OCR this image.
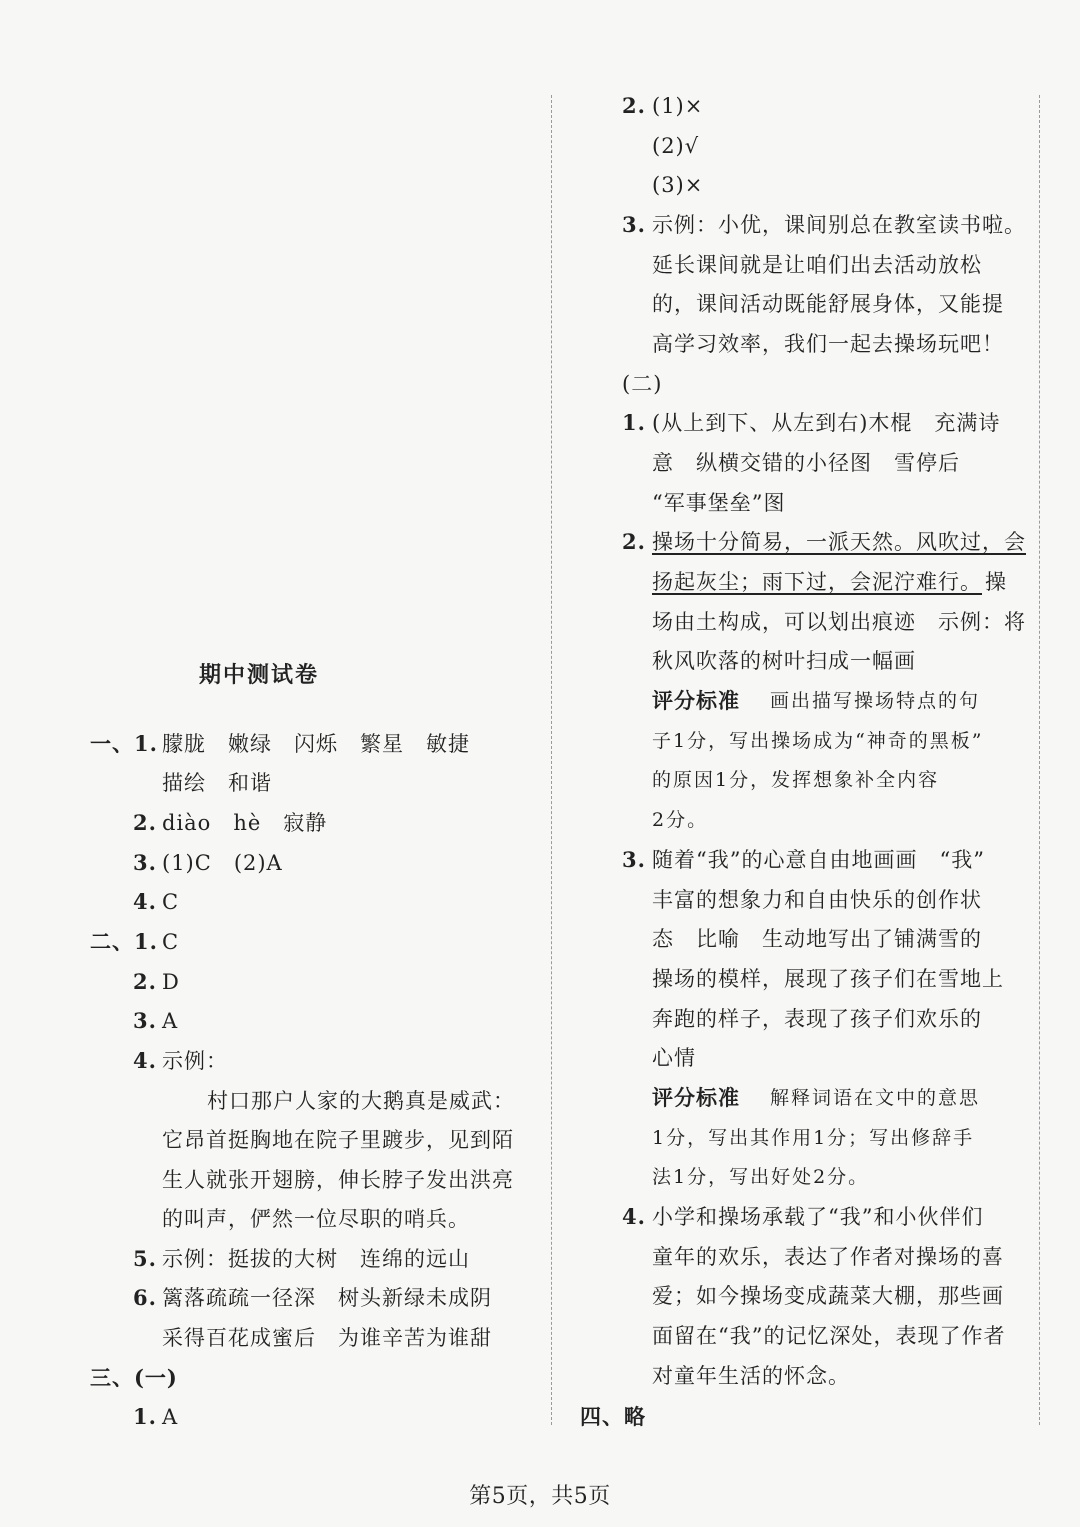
期中测试卷
一、1. 朦胧　嫩绿　闪烁　繁星　敏捷
描绘　和谐
2. diào　hè　寂静
3. (1)C　(2)A
4. C
二、1. C
2. D
3. A
4. 示例：
村口那户人家的大鹅真是威武：
它昂首挺胸地在院子里踱步，见到陌
生人就张开翅膀，伸长脖子发出洪亮
的叫声，俨然一位尽职的哨兵。
5. 示例：挺拔的大树　连绵的远山
6. 篱落疏疏一径深　树头新绿未成阴
采得百花成蜜后　为谁辛苦为谁甜
三、(一)
1. A
2. (1)×
(2)√
(3)×
3. 示例：小优，课间别总在教室读书啦。
延长课间就是让咱们出去活动放松
的，课间活动既能舒展身体，又能提
高学习效率，我们一起去操场玩吧！
(二)
1. (从上到下、从左到右)木棍　充满诗
意　纵横交错的小径图　雪停后
“军事堡垒”图
2. 操场十分简易，一派天然。风吹过，会
扬起灰尘；雨下过，会泥泞难行。 操
场由土构成，可以划出痕迹　示例：将
秋风吹落的树叶扫成一幅画
评分标准 画出描写操场特点的句
子1分，写出操场成为“神奇的黑板”
的原因1分，发挥想象补全内容
2分。
3. 随着“我”的心意自由地画画　“我”
丰富的想象力和自由快乐的创作状
态　比喻　生动地写出了铺满雪的
操场的模样，展现了孩子们在雪地上
奔跑的样子，表现了孩子们欢乐的
心情
评分标准 解释词语在文中的意思
1分，写出其作用1分；写出修辞手
法1分，写出好处2分。
4. 小学和操场承载了“我”和小伙伴们
童年的欢乐，表达了作者对操场的喜
爱；如今操场变成蔬菜大棚，那些画
面留在“我”的记忆深处，表现了作者
对童年生活的怀念。
四、略
第5页，共5页
